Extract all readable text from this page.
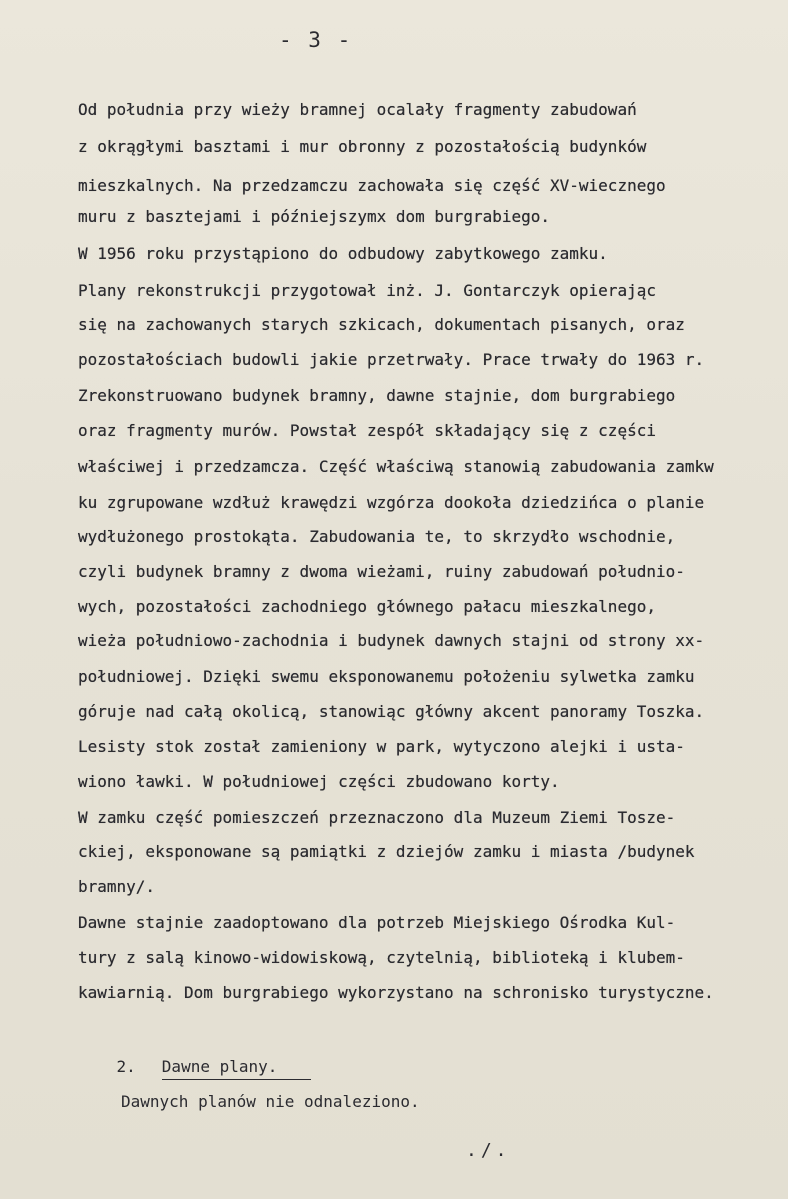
- 3 -
Od południa przy wieży bramnej ocalały fragmenty zabudowań
z okrągłymi basztami i mur obronny z pozostałością budynków
mieszkalnych. Na przedzamczu zachowała się część XV-wiecznego
muru z basztejami i późniejszymx dom burgrabiego.
W 1956 roku przystąpiono do odbudowy zabytkowego zamku.
Plany rekonstrukcji przygotował inż. J. Gontarczyk opierając
się na zachowanych starych szkicach, dokumentach pisanych, oraz
pozostałościach budowli jakie przetrwały. Prace trwały do 1963 r.
Zrekonstruowano budynek bramny, dawne stajnie, dom burgrabiego
oraz fragmenty murów. Powstał zespół składający się z części
właściwej i przedzamcza. Część właściwą stanowią zabudowania zamkw
ku zgrupowane wzdłuż krawędzi wzgórza dookoła dziedzińca o planie
wydłużonego prostokąta. Zabudowania te, to skrzydło wschodnie,
czyli budynek bramny z dwoma wieżami, ruiny zabudowań południo-
wych, pozostałości zachodniego głównego pałacu mieszkalnego,
wieża południowo-zachodnia i budynek dawnych stajni od strony xx-
południowej. Dzięki swemu eksponowanemu położeniu sylwetka zamku
góruje nad całą okolicą, stanowiąc główny akcent panoramy Toszka.
Lesisty stok został zamieniony w park, wytyczono alejki i usta-
wiono ławki. W południowej części zbudowano korty.
W zamku część pomieszczeń przeznaczono dla Muzeum Ziemi Tosze-
ckiej, eksponowane są pamiątki z dziejów zamku i miasta /budynek
bramny/.
Dawne stajnie zaadoptowano dla potrzeb Miejskiego Ośrodka Kul-
tury z salą kinowo-widowiskową, czytelnią, biblioteką i klubem-
kawiarnią. Dom burgrabiego wykorzystano na schronisko turystyczne.

2. Dawne plany.

Dawnych planów nie odnaleziono.
./.
